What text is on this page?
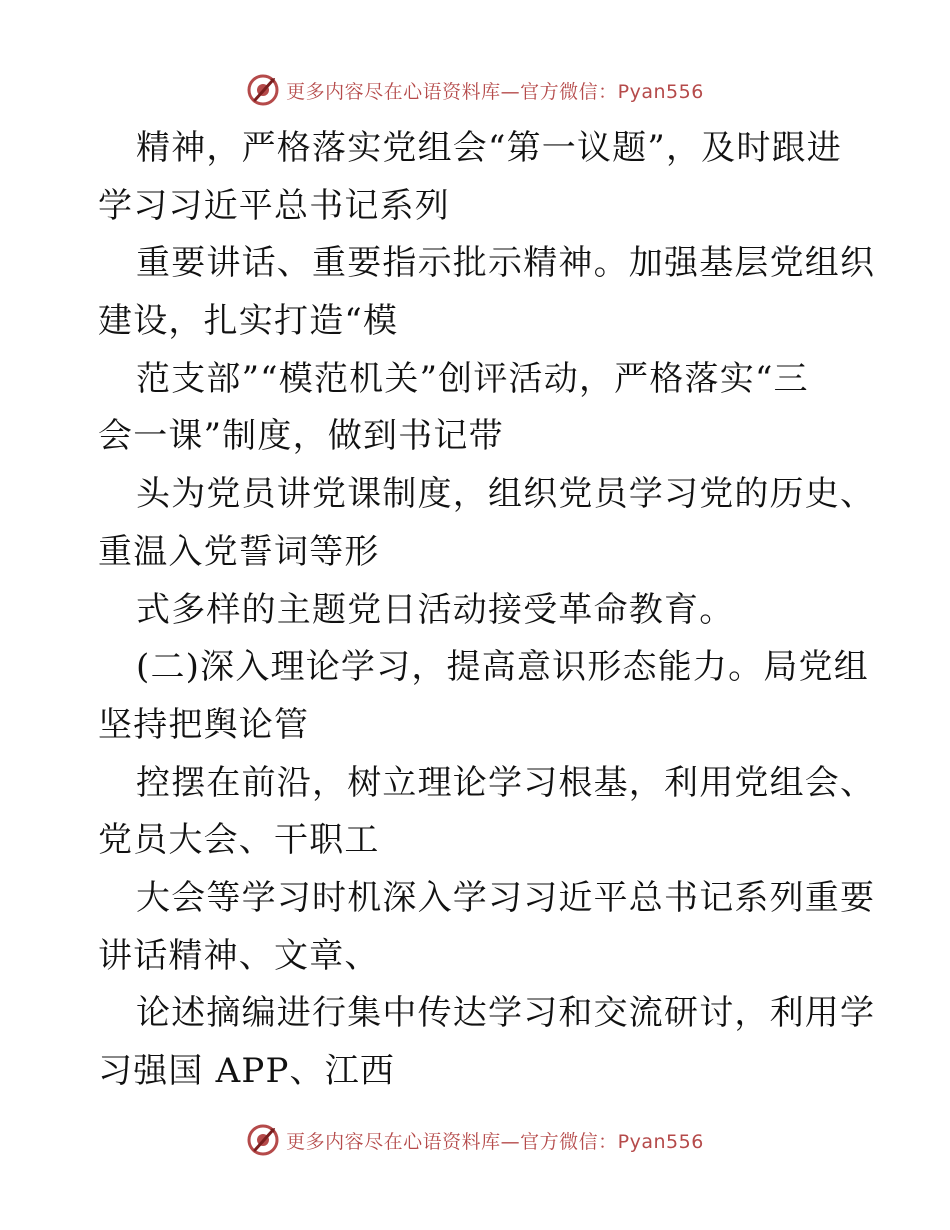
更多内容尽在心语资料库—官方微信：Pyan556
精神，严格落实党组会“第一议题”，及时跟进
学习习近平总书记系列
重要讲话、重要指示批示精神。加强基层党组织
建设，扎实打造“模
范支部”“模范机关”创评活动，严格落实“三
会一课”制度，做到书记带
头为党员讲党课制度，组织党员学习党的历史、
重温入党誓词等形
式多样的主题党日活动接受革命教育。
(二)深入理论学习，提高意识形态能力。局党组
坚持把舆论管
控摆在前沿，树立理论学习根基，利用党组会、
党员大会、干职工
大会等学习时机深入学习习近平总书记系列重要
讲话精神、文章、
论述摘编进行集中传达学习和交流研讨，利用学
习强国 APP、江西
更多内容尽在心语资料库—官方微信：Pyan556
